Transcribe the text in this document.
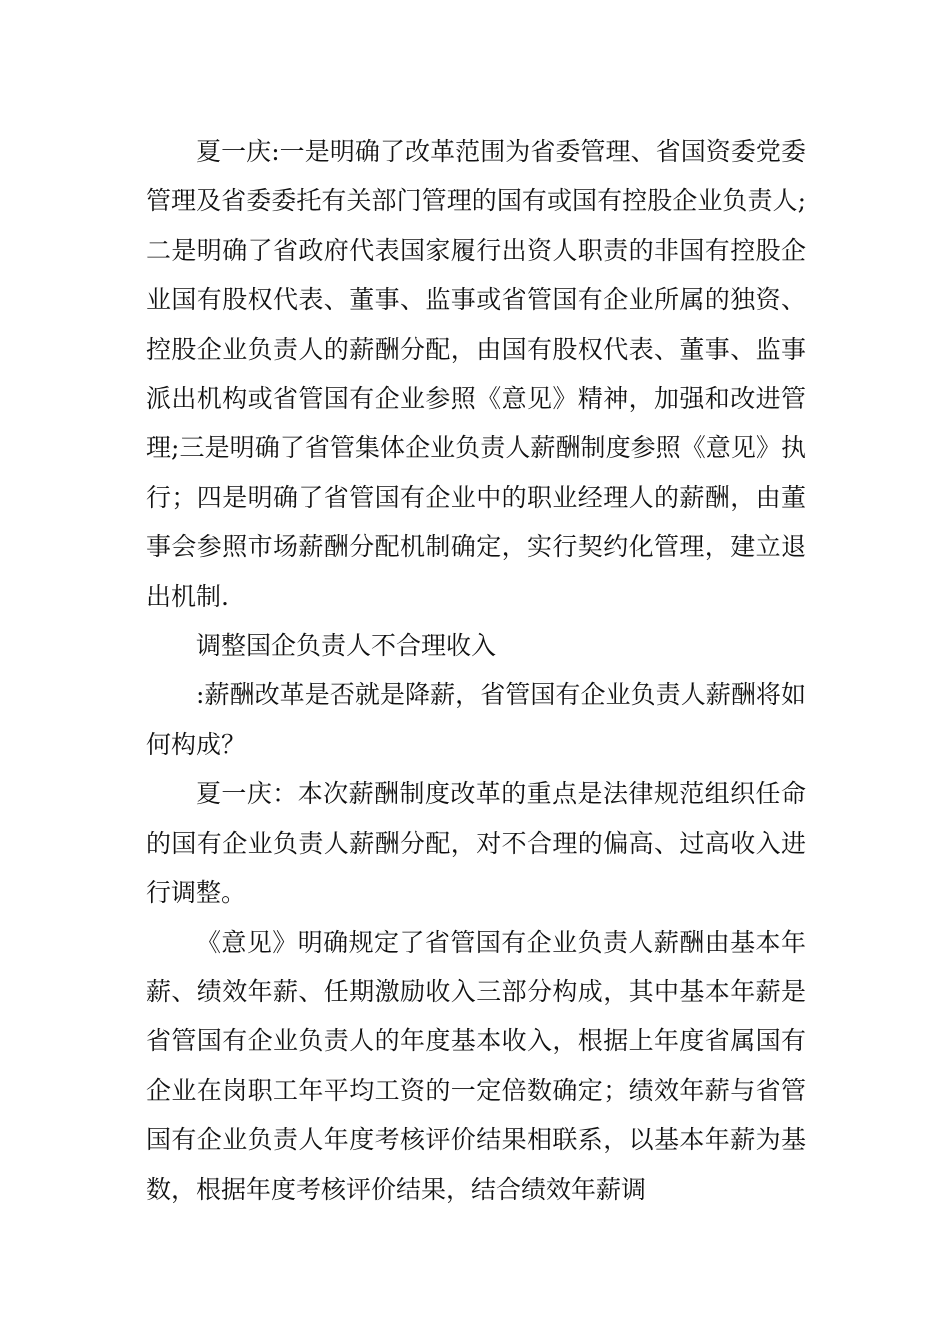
夏一庆:一是明确了改革范围为省委管理、省国资委党委管理及省委委托有关部门管理的国有或国有控股企业负责人;二是明确了省政府代表国家履行出资人职责的非国有控股企业国有股权代表、董事、监事或省管国有企业所属的独资、控股企业负责人的薪酬分配，由国有股权代表、董事、监事派出机构或省管国有企业参照《意见》精神，加强和改进管理;三是明确了省管集体企业负责人薪酬制度参照《意见》执行；四是明确了省管国有企业中的职业经理人的薪酬，由董事会参照市场薪酬分配机制确定，实行契约化管理，建立退出机制.

调整国企负责人不合理收入

:薪酬改革是否就是降薪，省管国有企业负责人薪酬将如何构成？

夏一庆：本次薪酬制度改革的重点是法律规范组织任命的国有企业负责人薪酬分配，对不合理的偏高、过高收入进行调整。

《意见》明确规定了省管国有企业负责人薪酬由基本年薪、绩效年薪、任期激励收入三部分构成，其中基本年薪是省管国有企业负责人的年度基本收入，根据上年度省属国有企业在岗职工年平均工资的一定倍数确定；绩效年薪与省管国有企业负责人年度考核评价结果相联系，以基本年薪为基数，根据年度考核评价结果，结合绩效年薪调
